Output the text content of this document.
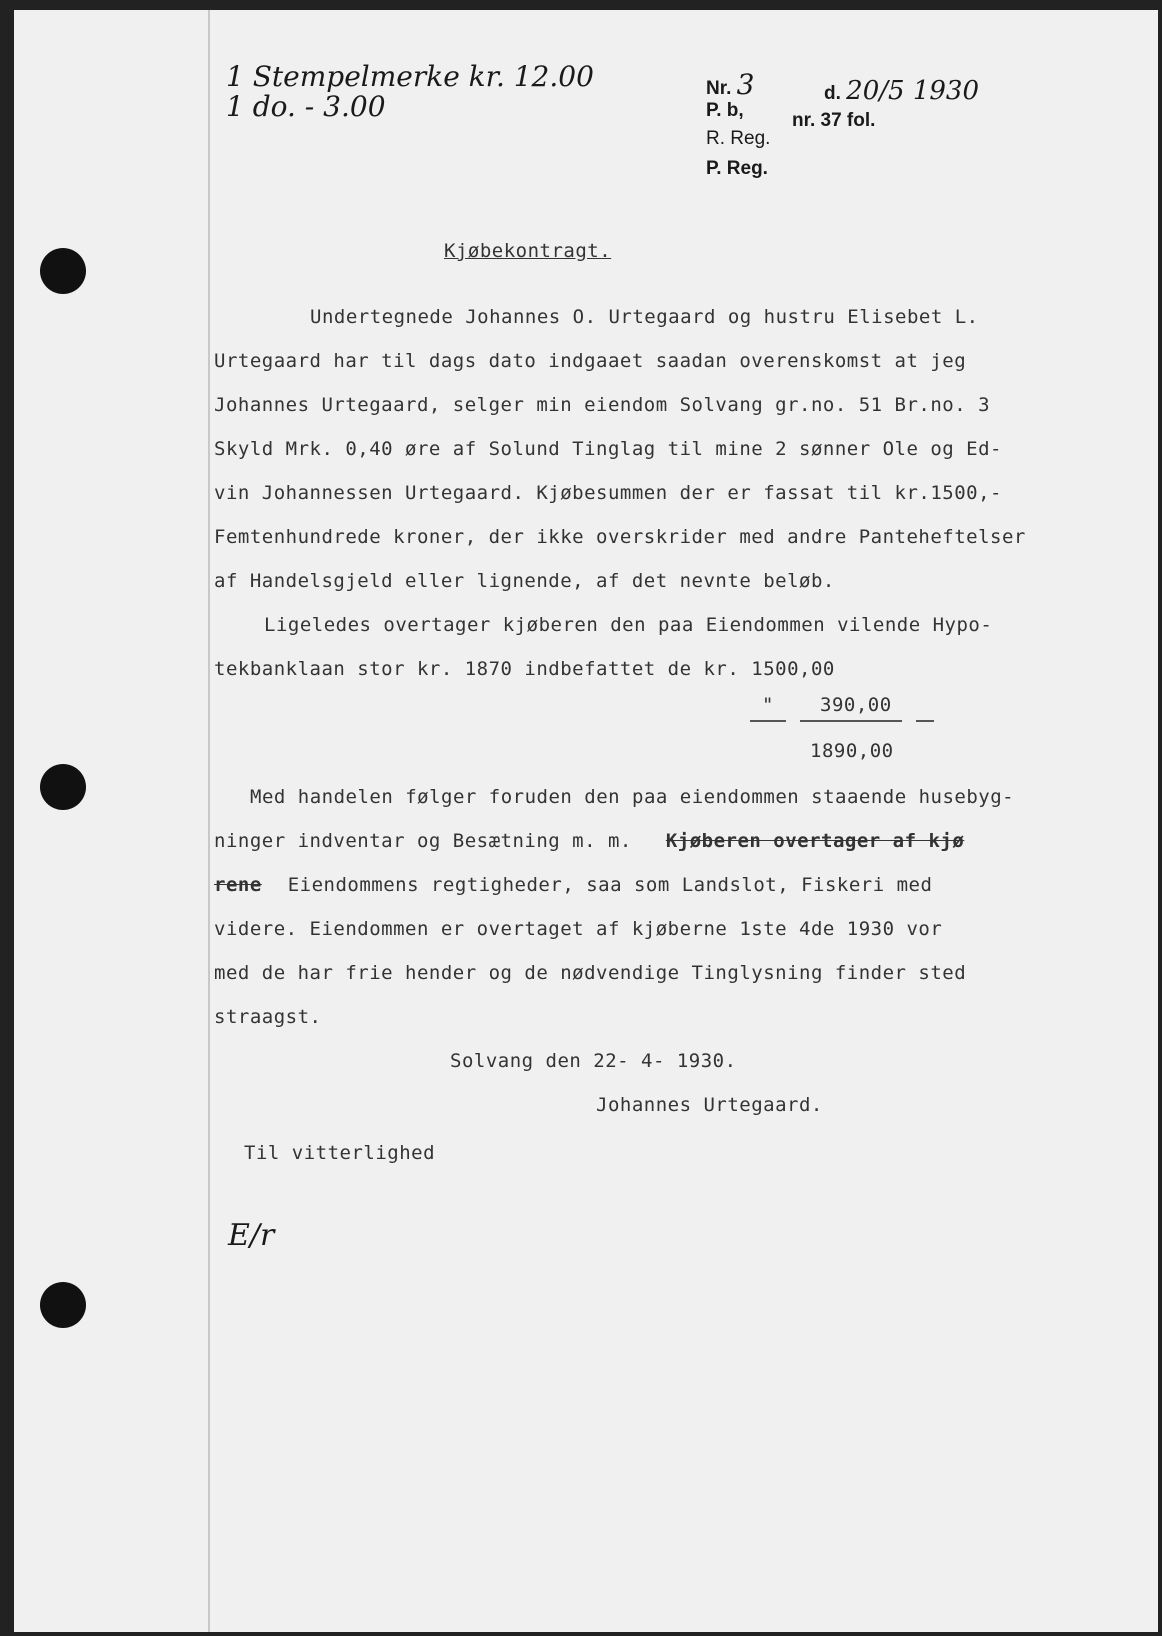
1 Stempelmerke kr. 12.00
1 do. - 3.00
Nr. 3	d. 20/5 1930
P. b,	nr. 37 fol.
R. Reg.
P. Reg.
Kjøbekontragt.
Undertegnede Johannes O. Urtegaard og hustru Elisebet L.
Urtegaard har til dags dato indgaaet saadan overenskomst at jeg
Johannes Urtegaard, selger min eiendom Solvang gr.no. 51 Br.no. 3
Skyld Mrk. 0,40 øre af Solund Tinglag til mine 2 sønner Ole og Ed-
vin Johannessen Urtegaard. Kjøbesummen der er fassat til kr.1500,-
Femtenhundrede kroner, der ikke overskrider med andre Panteheftelser
af Handelsgjeld eller lignende, af det nevnte beløb.
Ligeledes overtager kjøberen den paa Eiendommen vilende Hypo-
tekbanklaan stor kr. 1870 indbefattet de kr. 1500,00
" 390,00
1890,00
Med handelen følger foruden den paa eiendommen staaende husebyg-
ninger indventar og Besætning m. m. Kjøberen overtager af kjø
rene Eiendommens regtigheder, saa som Landslot, Fiskeri med
videre. Eiendommen er overtaget af kjøberne 1ste 4de 1930 vor
med de har frie hender og de nødvendige Tinglysning finder sted
straagst.
Solvang den 22- 4- 1930.
Johannes Urtegaard.
Til vitterlighed
E/r
